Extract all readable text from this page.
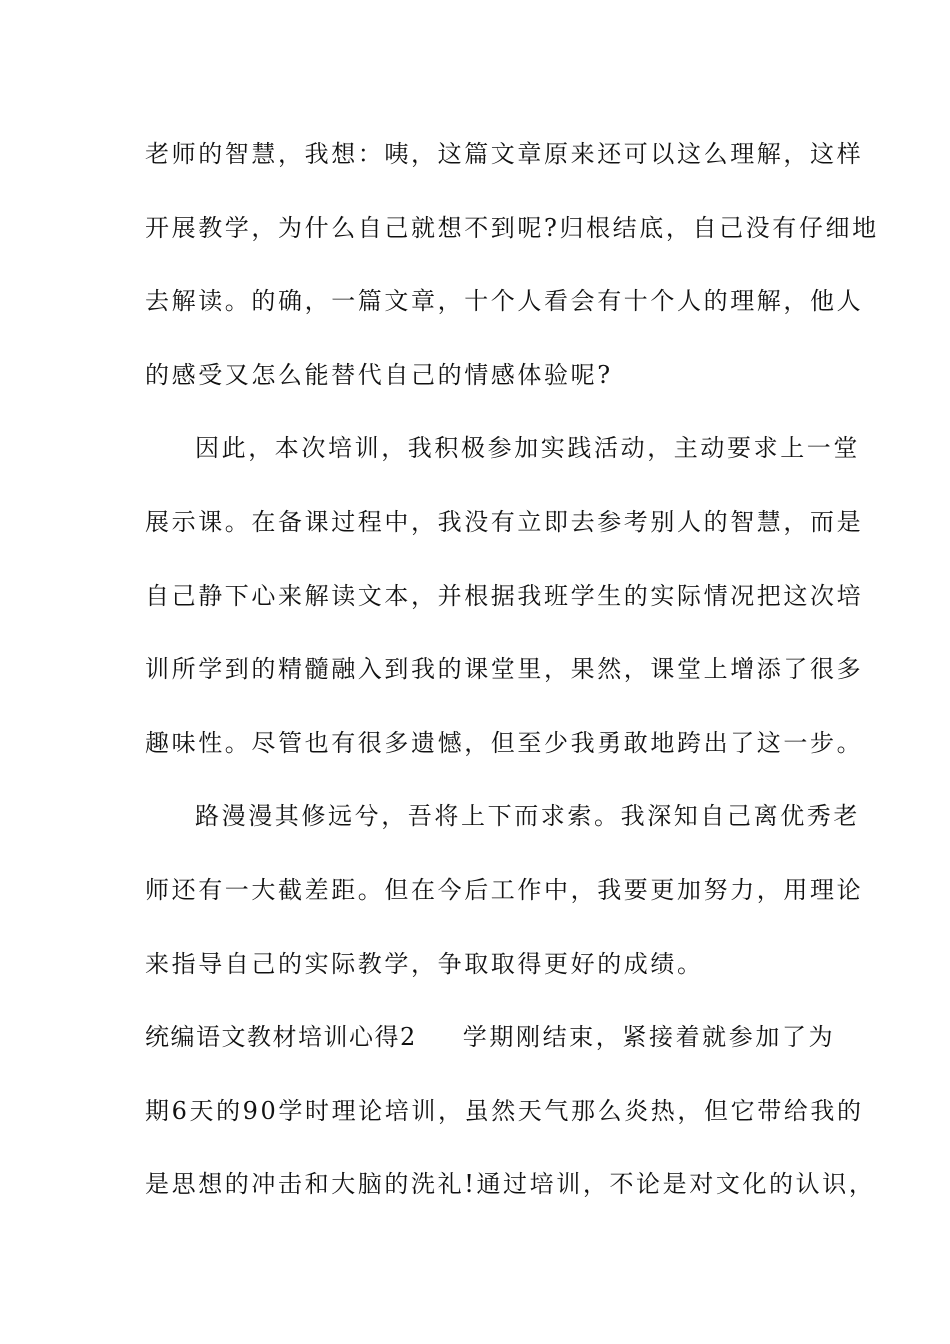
老师的智慧，我想：咦，这篇文章原来还可以这么理解，这样
开展教学，为什么自己就想不到呢?归根结底，自己没有仔细地
去解读。的确，一篇文章，十个人看会有十个人的理解，他人
的感受又怎么能替代自己的情感体验呢?
因此，本次培训，我积极参加实践活动，主动要求上一堂
展示课。在备课过程中，我没有立即去参考别人的智慧，而是
自己静下心来解读文本，并根据我班学生的实际情况把这次培
训所学到的精髓融入到我的课堂里，果然，课堂上增添了很多
趣味性。尽管也有很多遗憾，但至少我勇敢地跨出了这一步。
路漫漫其修远兮，吾将上下而求索。我深知自己离优秀老
师还有一大截差距。但在今后工作中，我要更加努力，用理论
来指导自己的实际教学，争取取得更好的成绩。
统编语文教材培训心得2 学期刚结束，紧接着就参加了为
期6天的90学时理论培训，虽然天气那么炎热，但它带给我的
是思想的冲击和大脑的洗礼!通过培训，不论是对文化的认识，
